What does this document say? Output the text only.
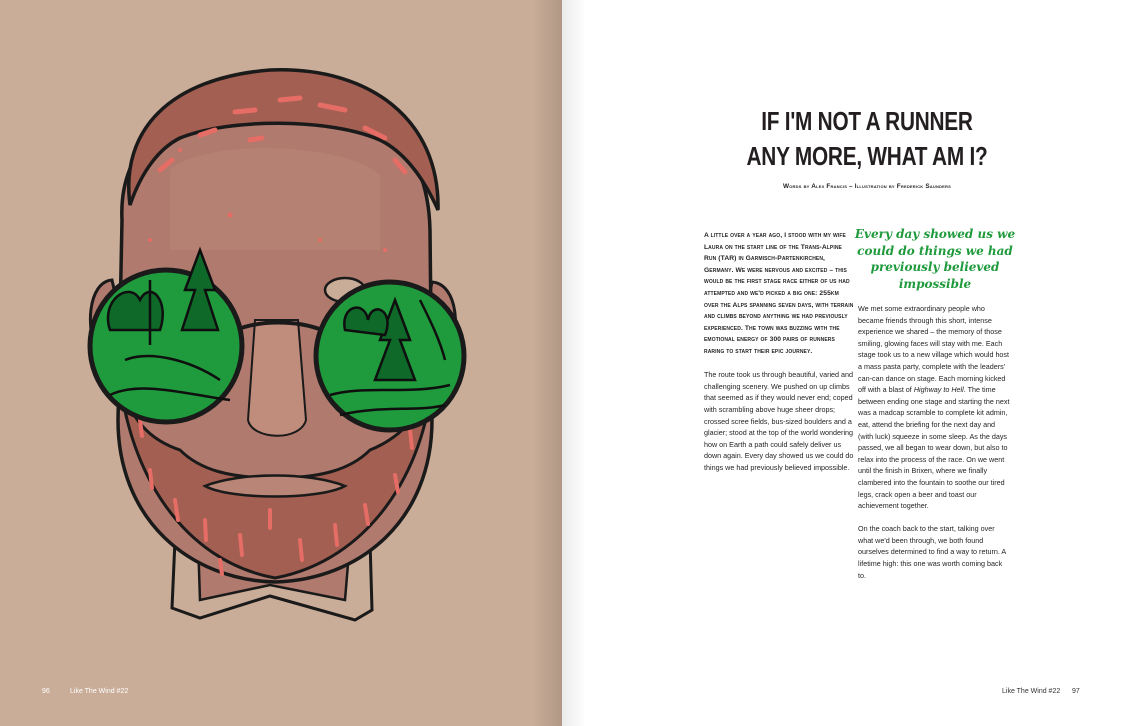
96	Like The Wind #22
IF I'M NOT A RUNNER
ANY MORE, WHAT AM I?
Words by Alex Francis – Illustration by Frederick Saunders

A little over a year ago, I stood with my wife Laura on the start line of the Trans-Alpine Run (TAR) in Garmisch-Partenkirchen, Germany. We were nervous and excited – this would be the first stage race either of us had attempted and we'd picked a big one: 255km over the Alps spanning seven days, with terrain and climbs beyond anything we had previously experienced. The town was buzzing with the emotional energy of 300 pairs of runners raring to start their epic journey.

The route took us through beautiful, varied and challenging scenery. We pushed on up climbs that seemed as if they would never end; coped with scrambling above huge sheer drops; crossed scree fields, bus-sized boulders and a glacier; stood at the top of the world wondering how on Earth a path could safely deliver us down again. Every day showed us we could do things we had previously believed impossible.

Every day showed us we could do things we had previously believed impossible

We met some extraordinary people who became friends through this short, intense experience we shared – the memory of those smiling, glowing faces will stay with me. Each stage took us to a new village which would host a mass pasta party, complete with the leaders' can-can dance on stage. Each morning kicked off with a blast of Highway to Hell. The time between ending one stage and starting the next was a madcap scramble to complete kit admin, eat, attend the briefing for the next day and (with luck) squeeze in some sleep. As the days passed, we all began to wear down, but also to relax into the process of the race. On we went until the finish in Brixen, where we finally clambered into the fountain to soothe our tired legs, crack open a beer and toast our achievement together.

On the coach back to the start, talking over what we'd been through, we both found ourselves determined to find a way to return. A lifetime high: this one was worth coming back to.

Like The Wind #22 97
